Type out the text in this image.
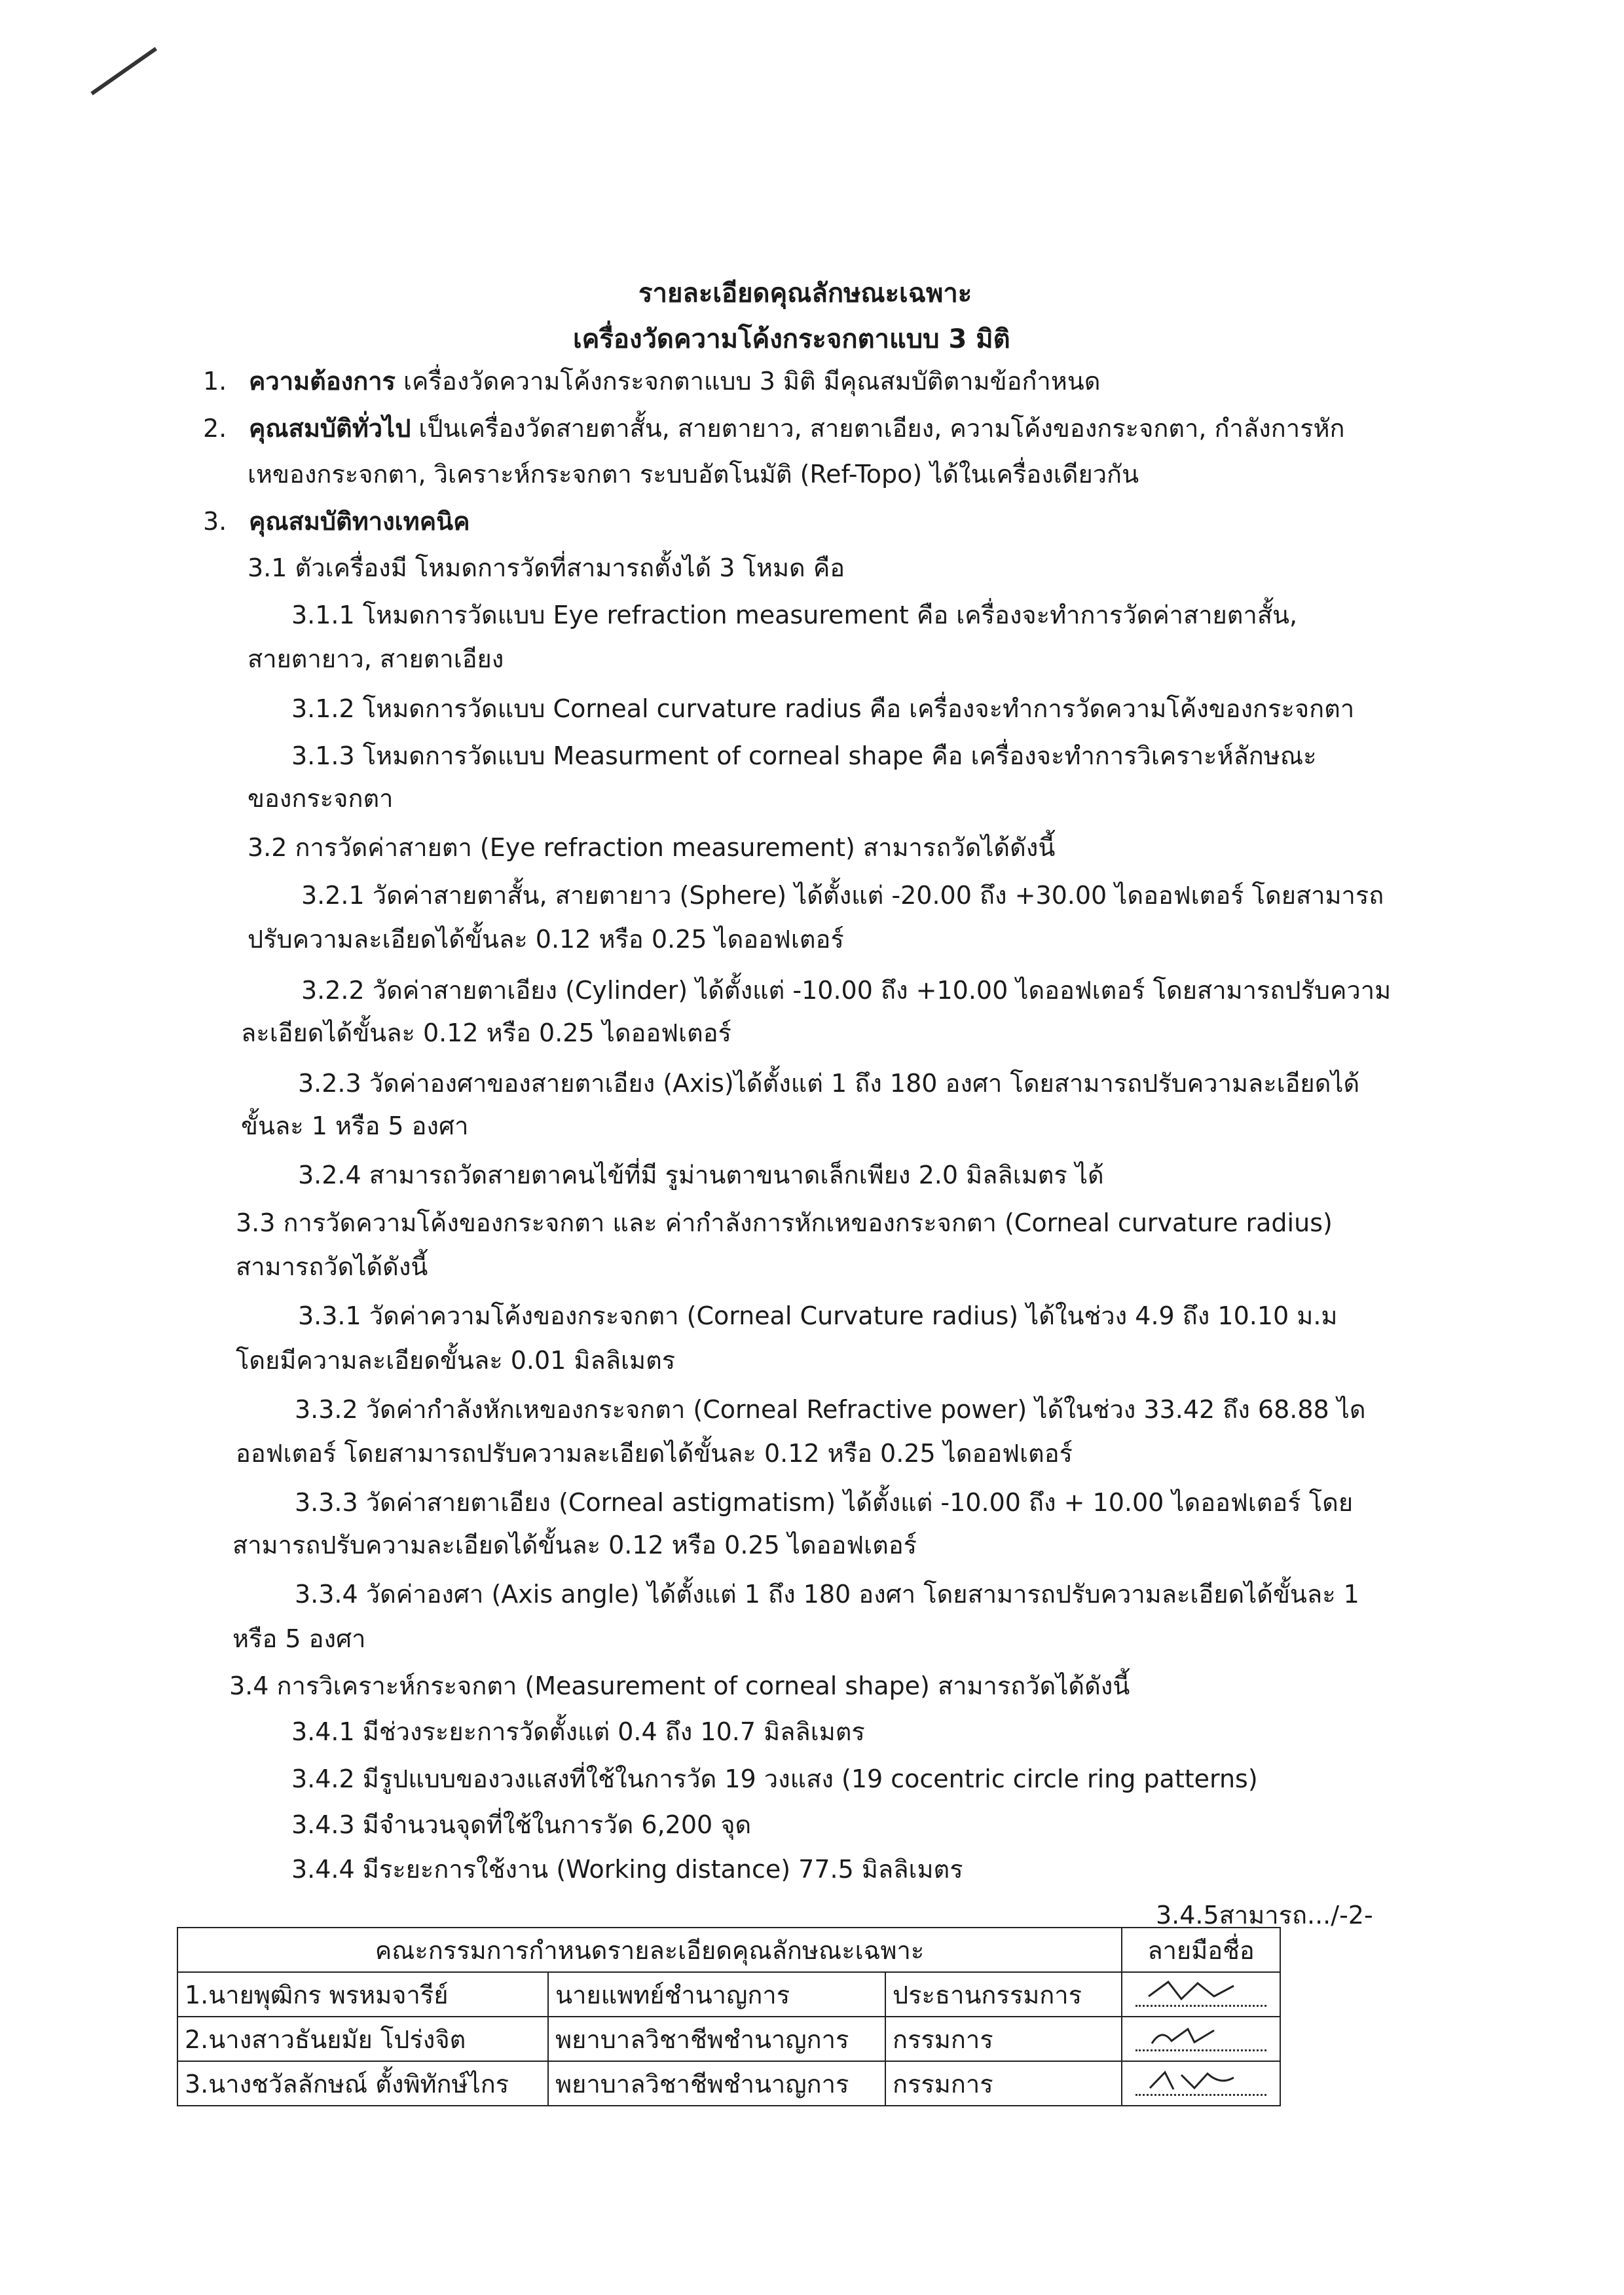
รายละเอียดคุณลักษณะเฉพาะ
เครื่องวัดความโค้งกระจกตาแบบ 3 มิติ
1. ความต้องการ เครื่องวัดความโค้งกระจกตาแบบ 3 มิติ มีคุณสมบัติตามข้อกำหนด
2. คุณสมบัติทั่วไป เป็นเครื่องวัดสายตาสั้น, สายตายาว, สายตาเอียง, ความโค้งของกระจกตา, กำลังการหัก
เหของกระจกตา, วิเคราะห์กระจกตา ระบบอัตโนมัติ (Ref-Topo) ได้ในเครื่องเดียวกัน
3. คุณสมบัติทางเทคนิค
3.1 ตัวเครื่องมี โหมดการวัดที่สามารถตั้งได้ 3 โหมด คือ
3.1.1 โหมดการวัดแบบ Eye refraction measurement คือ เครื่องจะทำการวัดค่าสายตาสั้น,
สายตายาว, สายตาเอียง
3.1.2 โหมดการวัดแบบ Corneal curvature radius คือ เครื่องจะทำการวัดความโค้งของกระจกตา
3.1.3 โหมดการวัดแบบ Measurment of corneal shape คือ เครื่องจะทำการวิเคราะห์ลักษณะ
ของกระจกตา
3.2 การวัดค่าสายตา (Eye refraction measurement) สามารถวัดได้ดังนี้
3.2.1 วัดค่าสายตาสั้น, สายตายาว (Sphere) ได้ตั้งแต่ -20.00 ถึง +30.00 ไดออฟเตอร์ โดยสามารถ
ปรับความละเอียดได้ขั้นละ 0.12 หรือ 0.25 ไดออฟเตอร์
3.2.2 วัดค่าสายตาเอียง (Cylinder) ได้ตั้งแต่ -10.00 ถึง +10.00 ไดออฟเตอร์ โดยสามารถปรับความ
ละเอียดได้ขั้นละ 0.12 หรือ 0.25 ไดออฟเตอร์
3.2.3 วัดค่าองศาของสายตาเอียง (Axis)ได้ตั้งแต่ 1 ถึง 180 องศา โดยสามารถปรับความละเอียดได้
ขั้นละ 1 หรือ 5 องศา
3.2.4 สามารถวัดสายตาคนไข้ที่มี รูม่านตาขนาดเล็กเพียง 2.0 มิลลิเมตร ได้
3.3 การวัดความโค้งของกระจกตา และ ค่ากำลังการหักเหของกระจกตา (Corneal curvature radius)
สามารถวัดได้ดังนี้
3.3.1 วัดค่าความโค้งของกระจกตา (Corneal Curvature radius) ได้ในช่วง 4.9 ถึง 10.10 ม.ม
โดยมีความละเอียดขั้นละ 0.01 มิลลิเมตร
3.3.2 วัดค่ากำลังหักเหของกระจกตา (Corneal Refractive power) ได้ในช่วง 33.42 ถึง 68.88 ได
ออฟเตอร์ โดยสามารถปรับความละเอียดได้ขั้นละ 0.12 หรือ 0.25 ไดออฟเตอร์
3.3.3 วัดค่าสายตาเอียง (Corneal astigmatism) ได้ตั้งแต่ -10.00 ถึง + 10.00 ไดออฟเตอร์ โดย
สามารถปรับความละเอียดได้ขั้นละ 0.12 หรือ 0.25 ไดออฟเตอร์
3.3.4 วัดค่าองศา (Axis angle) ได้ตั้งแต่ 1 ถึง 180 องศา โดยสามารถปรับความละเอียดได้ขั้นละ 1
หรือ 5 องศา
3.4 การวิเคราะห์กระจกตา (Measurement of corneal shape) สามารถวัดได้ดังนี้
3.4.1 มีช่วงระยะการวัดตั้งแต่ 0.4 ถึง 10.7 มิลลิเมตร
3.4.2 มีรูปแบบของวงแสงที่ใช้ในการวัด 19 วงแสง (19 cocentric circle ring patterns)
3.4.3 มีจำนวนจุดที่ใช้ในการวัด 6,200 จุด
3.4.4 มีระยะการใช้งาน (Working distance) 77.5 มิลลิเมตร
3.4.5สามารถ.../-2-
คณะกรรมการกำหนดรายละเอียดคุณลักษณะเฉพาะ			ลายมือชื่อ
1.นายพุฒิกร พรหมจารีย์	นายแพทย์ชำนาญการ	ประธานกรรมการ	

2.นางสาวธันยมัย โปร่งจิต	พยาบาลวิชาชีพชำนาญการ	กรรมการ	

3.นางชวัลลักษณ์ ตั้งพิทักษ์ไกร	พยาบาลวิชาชีพชำนาญการ	กรรมการ	
